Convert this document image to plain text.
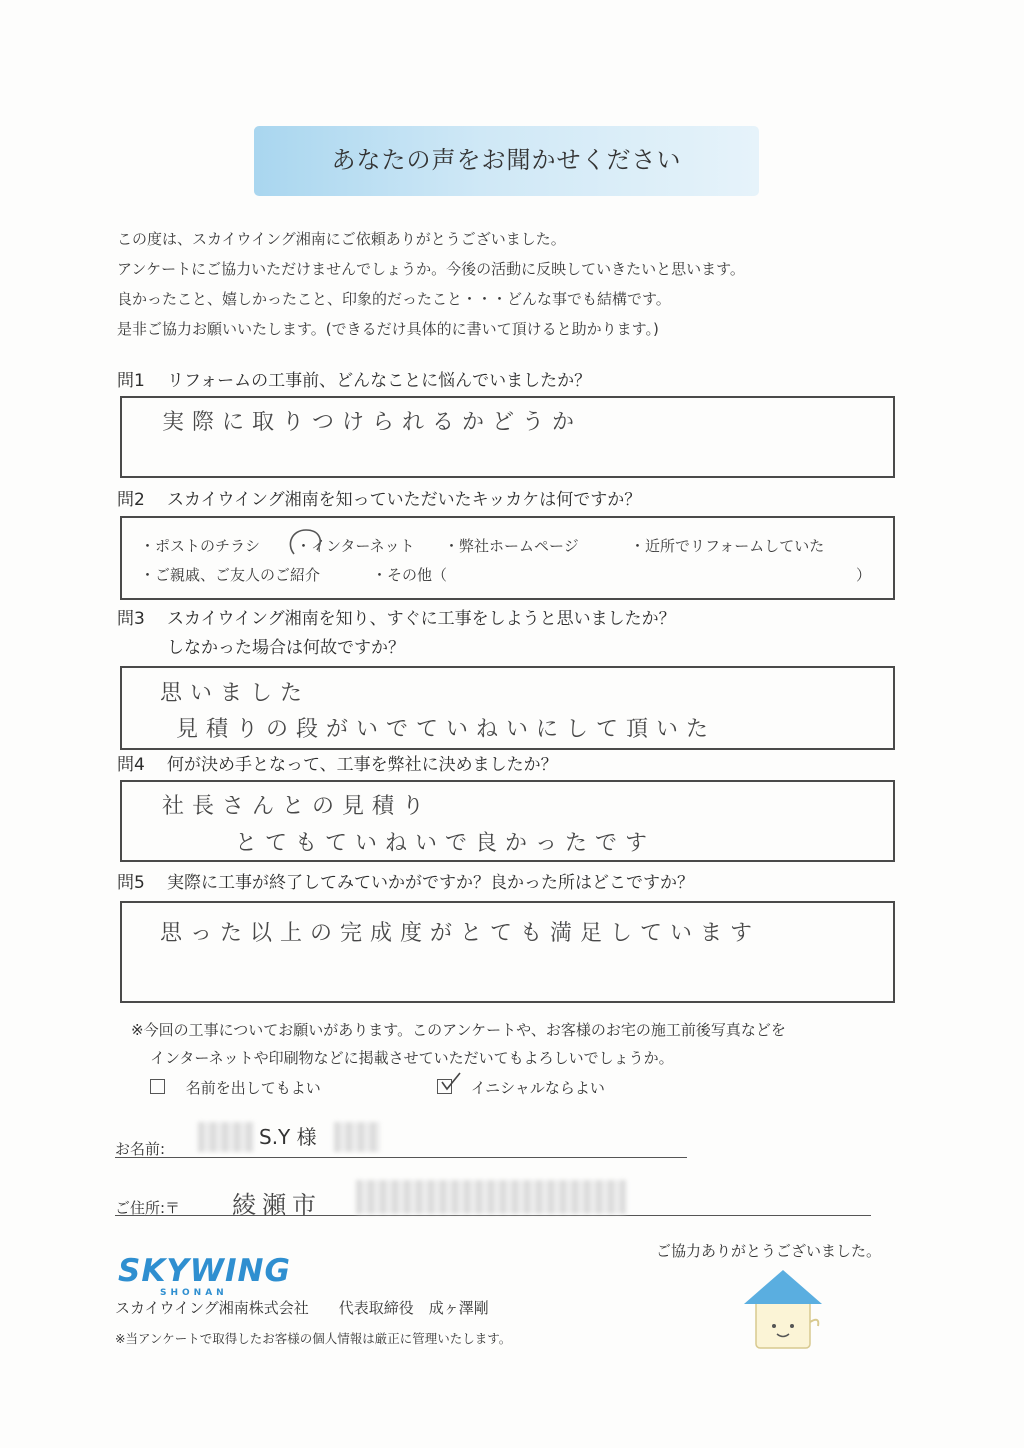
あなたの声をお聞かせください
この度は、スカイウイング湘南にご依頼ありがとうございました。
アンケートにご協力いただけませんでしょうか。今後の活動に反映していきたいと思います。
良かったこと、嬉しかったこと、印象的だったこと・・・どんな事でも結構です。
是非ご協力お願いいたします。(できるだけ具体的に書いて頂けると助かります。)
問1 リフォームの工事前、どんなことに悩んでいましたか？
実際に取りつけられるかどうか
問2 スカイウイング湘南を知っていただいたキッカケは何ですか？
・ポストのチラシ ・インターネット ・弊社ホームページ	・近所でリフォームしていた
・ご親戚、ご友人のご紹介	・その他（	）
問3 スカイウイング湘南を知り、すぐに工事をしようと思いましたか？
しなかった場合は何故ですか？
思いました
見積りの段がいでていねいにして頂いた
問4 何が決め手となって、工事を弊社に決めましたか？
社長さんとの見積り
とてもていねいで良かったです
問5 実際に工事が終了してみていかがですか？良かった所はどこですか？
思った以上の完成度がとても満足しています
※今回の工事についてお願いがあります。このアンケートや、お客様のお宅の施工前後写真などを
インターネットや印刷物などに掲載させていただいてもよろしいでしょうか。
名前を出してもよい	イニシャルならよい
お名前:	S.Y 様
ご住所:〒 綾瀬市
ご協力ありがとうございました。
SKYWING
SHONAN
スカイウイング湘南株式会社　　代表取締役　成ヶ澤剛
※当アンケートで取得したお客様の個人情報は厳正に管理いたします。
